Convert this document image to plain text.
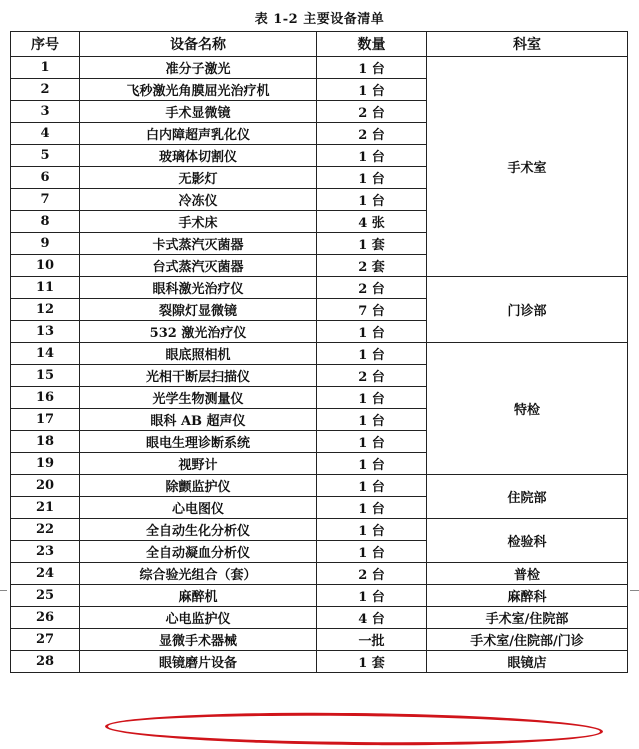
表 1-2 主要设备清单
序号	设备名称	数量	科室
1	准分子激光	1 台	手术室
2	飞秒激光角膜屈光治疗机	1 台	
3	手术显微镜	2 台	
4	白内障超声乳化仪	2 台	
5	玻璃体切割仪	1 台	
6	无影灯	1 台	
7	冷冻仪	1 台	
8	手术床	4 张	
9	卡式蒸汽灭菌器	1 套	
10	台式蒸汽灭菌器	2 套	
11	眼科激光治疗仪	2 台	门诊部
12	裂隙灯显微镜	7 台	
13	532 激光治疗仪	1 台	
14	眼底照相机	1 台	特检
15	光相干断层扫描仪	2 台	
16	光学生物测量仪	1 台	
17	眼科 AB 超声仪	1 台	
18	眼电生理诊断系统	1 台	
19	视野计	1 台	
20	除颤监护仪	1 台	住院部
21	心电图仪	1 台	
22	全自动生化分析仪	1 台	检验科
23	全自动凝血分析仪	1 台	
24	综合验光组合（套）	2 台	普检
25	麻醉机	1 台	麻醉科
26	心电监护仪	4 台	手术室/住院部
27	显微手术器械	一批	手术室/住院部/门诊
28	眼镜磨片设备	1 套	眼镜店
